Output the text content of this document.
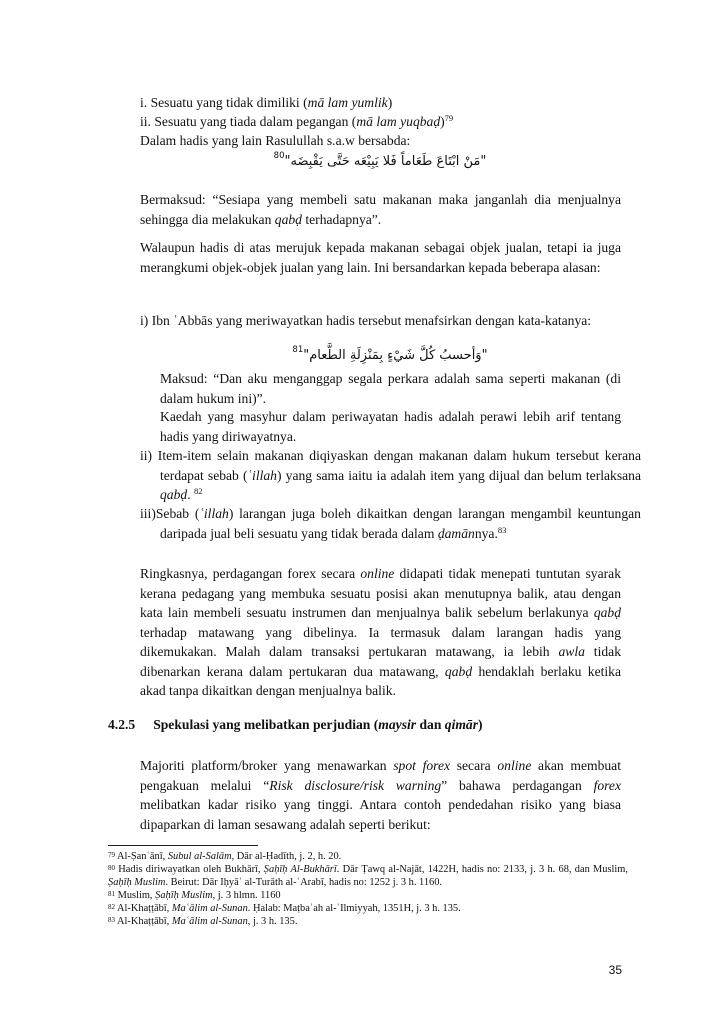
i. Sesuatu yang tidak dimiliki (mā lam yumlik)
ii. Sesuatu yang tiada dalam pegangan (mā lam yuqbaḍ)$^{79}$
Dalam hadis yang lain Rasulullah s.a.w bersabda:
"مَنْ ابْتَاعَ طَعَاماً فَلا يَبِيْعَه حَتَّى يَقْبِضَه"$^{80}$
Bermaksud: “Sesiapa yang membeli satu makanan maka janganlah dia menjualnya sehingga dia melakukan qabḍ terhadapnya”.
Walaupun hadis di atas merujuk kepada makanan sebagai objek jualan, tetapi ia juga merangkumi objek-objek jualan yang lain. Ini bersandarkan kepada beberapa alasan:
i) Ibn ʿAbbās yang meriwayatkan hadis tersebut menafsirkan dengan kata-katanya:
"وَأحسبُ كُلَّ شَيْءٍ بِمَنْزِلَةِ الطَّعام"$^{81}$
Maksud: “Dan aku menganggap segala perkara adalah sama seperti makanan (di dalam hukum ini)”.
Kaedah yang masyhur dalam periwayatan hadis adalah perawi lebih arif tentang hadis yang diriwayatnya.
ii) Item-item selain makanan diqiyaskan dengan makanan dalam hukum tersebut kerana terdapat sebab (ʿillah) yang sama iaitu ia adalah item yang dijual dan belum terlaksana qabḍ. $^{82}$
iii)Sebab (ʿillah) larangan juga boleh dikaitkan dengan larangan mengambil keuntungan daripada jual beli sesuatu yang tidak berada dalam ḍamānnya.$^{83}$
Ringkasnya, perdagangan forex secara online didapati tidak menepati tuntutan syarak kerana pedagang yang membuka sesuatu posisi akan menutupnya balik, atau dengan kata lain membeli sesuatu instrumen dan menjualnya balik sebelum berlakunya qabḍ terhadap matawang yang dibelinya. Ia termasuk dalam larangan hadis yang dikemukakan. Malah dalam transaksi pertukaran matawang, ia lebih awla tidak dibenarkan kerana dalam pertukaran dua matawang, qabḍ hendaklah berlaku ketika akad tanpa dikaitkan dengan menjualnya balik.
4.2.5 Spekulasi yang melibatkan perjudian (maysir dan qimār)
Majoriti platform/broker yang menawarkan spot forex secara online akan membuat pengakuan melalui “Risk disclosure/risk warning” bahawa perdagangan forex melibatkan kadar risiko yang tinggi. Antara contoh pendedahan risiko yang biasa dipaparkan di laman sesawang adalah seperti berikut:
$^{79}$ Al-Ṣanʿānī, Subul al-Salām, Dār al-Ḥadīth, j. 2, h. 20.
$^{80}$ Hadis diriwayatkan oleh Bukhārī, Ṣaḥīḥ Al-Bukhārī. Dār Ṭawq al-Najāt, 1422H, hadis no: 2133, j. 3 h. 68, dan Muslim, Ṣaḥīḥ Muslim. Beirut: Dār Iḥyāʾ al-Turāth al-ʿArabī, hadis no: 1252 j. 3 h. 1160.
$^{81}$ Muslim, Ṣaḥīḥ Muslim, j. 3 hlmn. 1160
$^{82}$ Al-Khaṭṭābī, Maʿālim al-Sunan. Ḥalab: Maṭbaʿah al-ʿIlmiyyah, 1351H, j. 3 h. 135.
$^{83}$ Al-Khaṭṭābī, Maʿālim al-Sunan, j. 3 h. 135.
35
